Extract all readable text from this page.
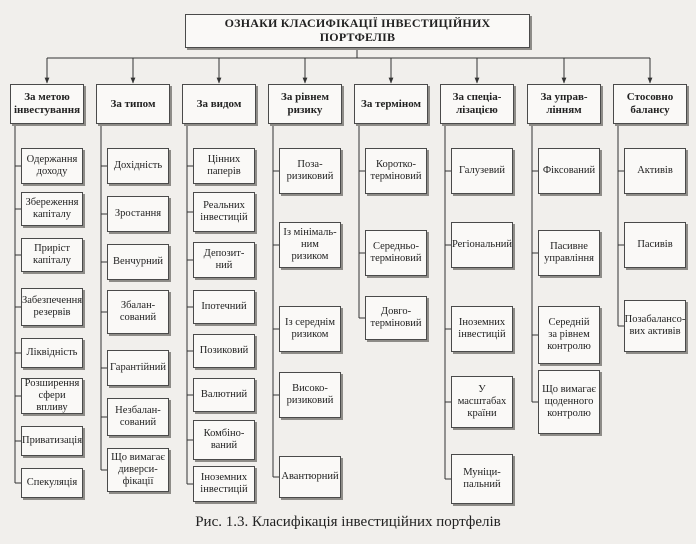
ОЗНАКИ КЛАСИФІКАЦІЇ ІНВЕСТИЦІЙНИХ ПОРТФЕЛІВ
За метою
інвестування
Одержання
доходу
Збереження
капіталу
Приріст
капіталу
Забезпечення
резервів
Ліквідність
Розширення
сфери впливу
Приватизація
Спекуляція
За типом
Дохідність
Зростання
Венчурний
Збалан-
сований
Гарантійний
Незбалан-
сований
Що вимагає
диверси-
фікації
За видом
Цінних
паперів
Реальних
інвестицій
Депозит-
ний
Іпотечний
Позиковий
Валютний
Комбіно-
ваний
Іноземних
інвестицій
За рівнем
ризику
Поза-
ризиковий
Із мінімаль-
ним ризиком
Із середнім
ризиком
Високо-
ризиковий
Авантюрний
За терміном
Коротко-
терміновий
Середньо-
терміновий
Довго-
терміновий
За спеціа-
лізацією
Галузевий
Регіональний
Іноземних
інвестицій
У масштабах
країни
Муніци-
пальний
За управ-
лінням
Фіксований
Пасивне
управління
Середній
за рівнем
контролю
Що вимагає
щоденного
контролю
Стосовно
балансу
Активів
Пасивів
Позабалансо-
вих активів
Рис. 1.3. Класифікація інвестиційних портфелів
